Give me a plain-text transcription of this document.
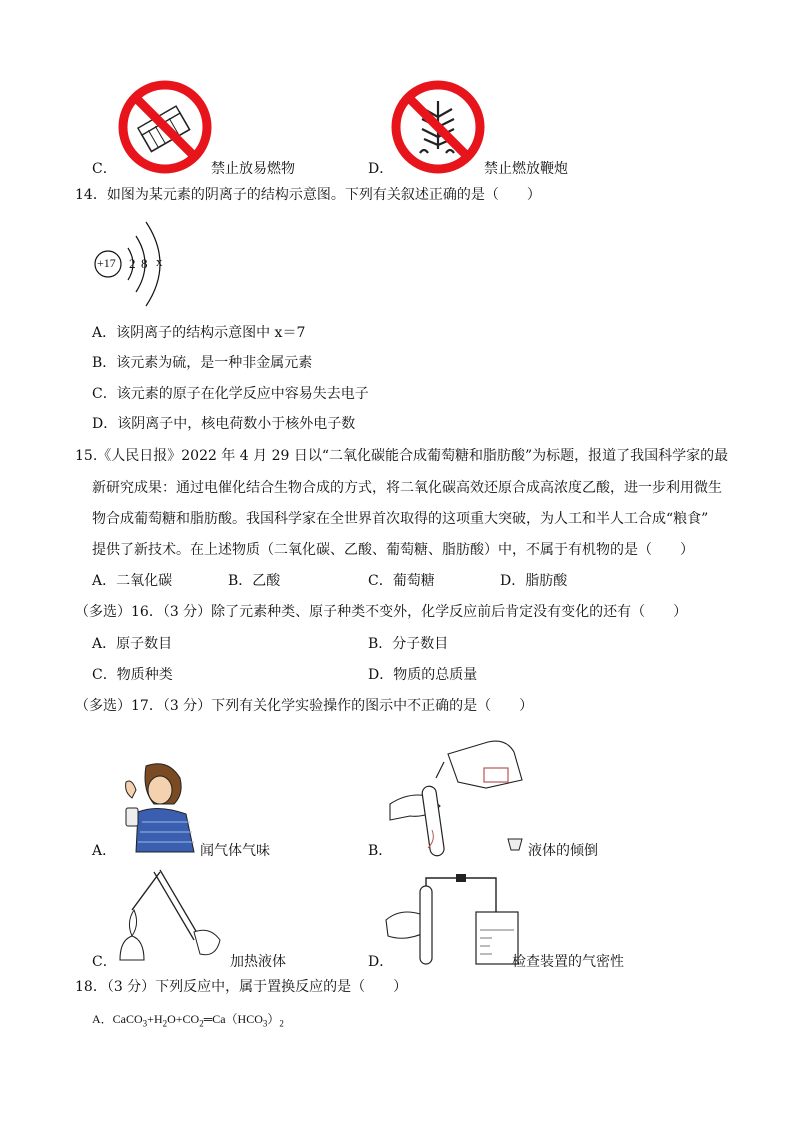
C．	禁止放易燃物	D．	禁止燃放鞭炮
14．如图为某元素的阴离子的结构示意图。下列有关叙述正确的是（　　）
+17 2 8 x
A．该阴离子的结构示意图中 x＝7
B．该元素为硫，是一种非金属元素
C．该元素的原子在化学反应中容易失去电子
D．该阴离子中，核电荷数小于核外电子数
15.《人民日报》2022 年 4 月 29 日以“二氧化碳能合成葡萄糖和脂肪酸”为标题，报道了我国科学家的最
新研究成果：通过电催化结合生物合成的方式，将二氧化碳高效还原合成高浓度乙酸，进一步利用微生
物合成葡萄糖和脂肪酸。我国科学家在全世界首次取得的这项重大突破，为人工和半人工合成“粮食”
提供了新技术。在上述物质（二氧化碳、乙酸、葡萄糖、脂肪酸）中，不属于有机物的是（　　）
A．二氧化碳	B．乙酸	C．葡萄糖	D．脂肪酸
（多选）16．（3 分）除了元素种类、原子种类不变外，化学反应前后肯定没有变化的还有（　　）
A．原子数目	B．分子数目
C．物质种类	D．物质的总质量
（多选）17．（3 分）下列有关化学实验操作的图示中不正确的是（　　）
A．	闻气体气味	B．	液体的倾倒
C．	加热液体	D．	检查装置的气密性
18．（3 分）下列反应中，属于置换反应的是（　　）
A．$CaCO_3+H_2O+CO_2═Ca(HCO_3)_2$
